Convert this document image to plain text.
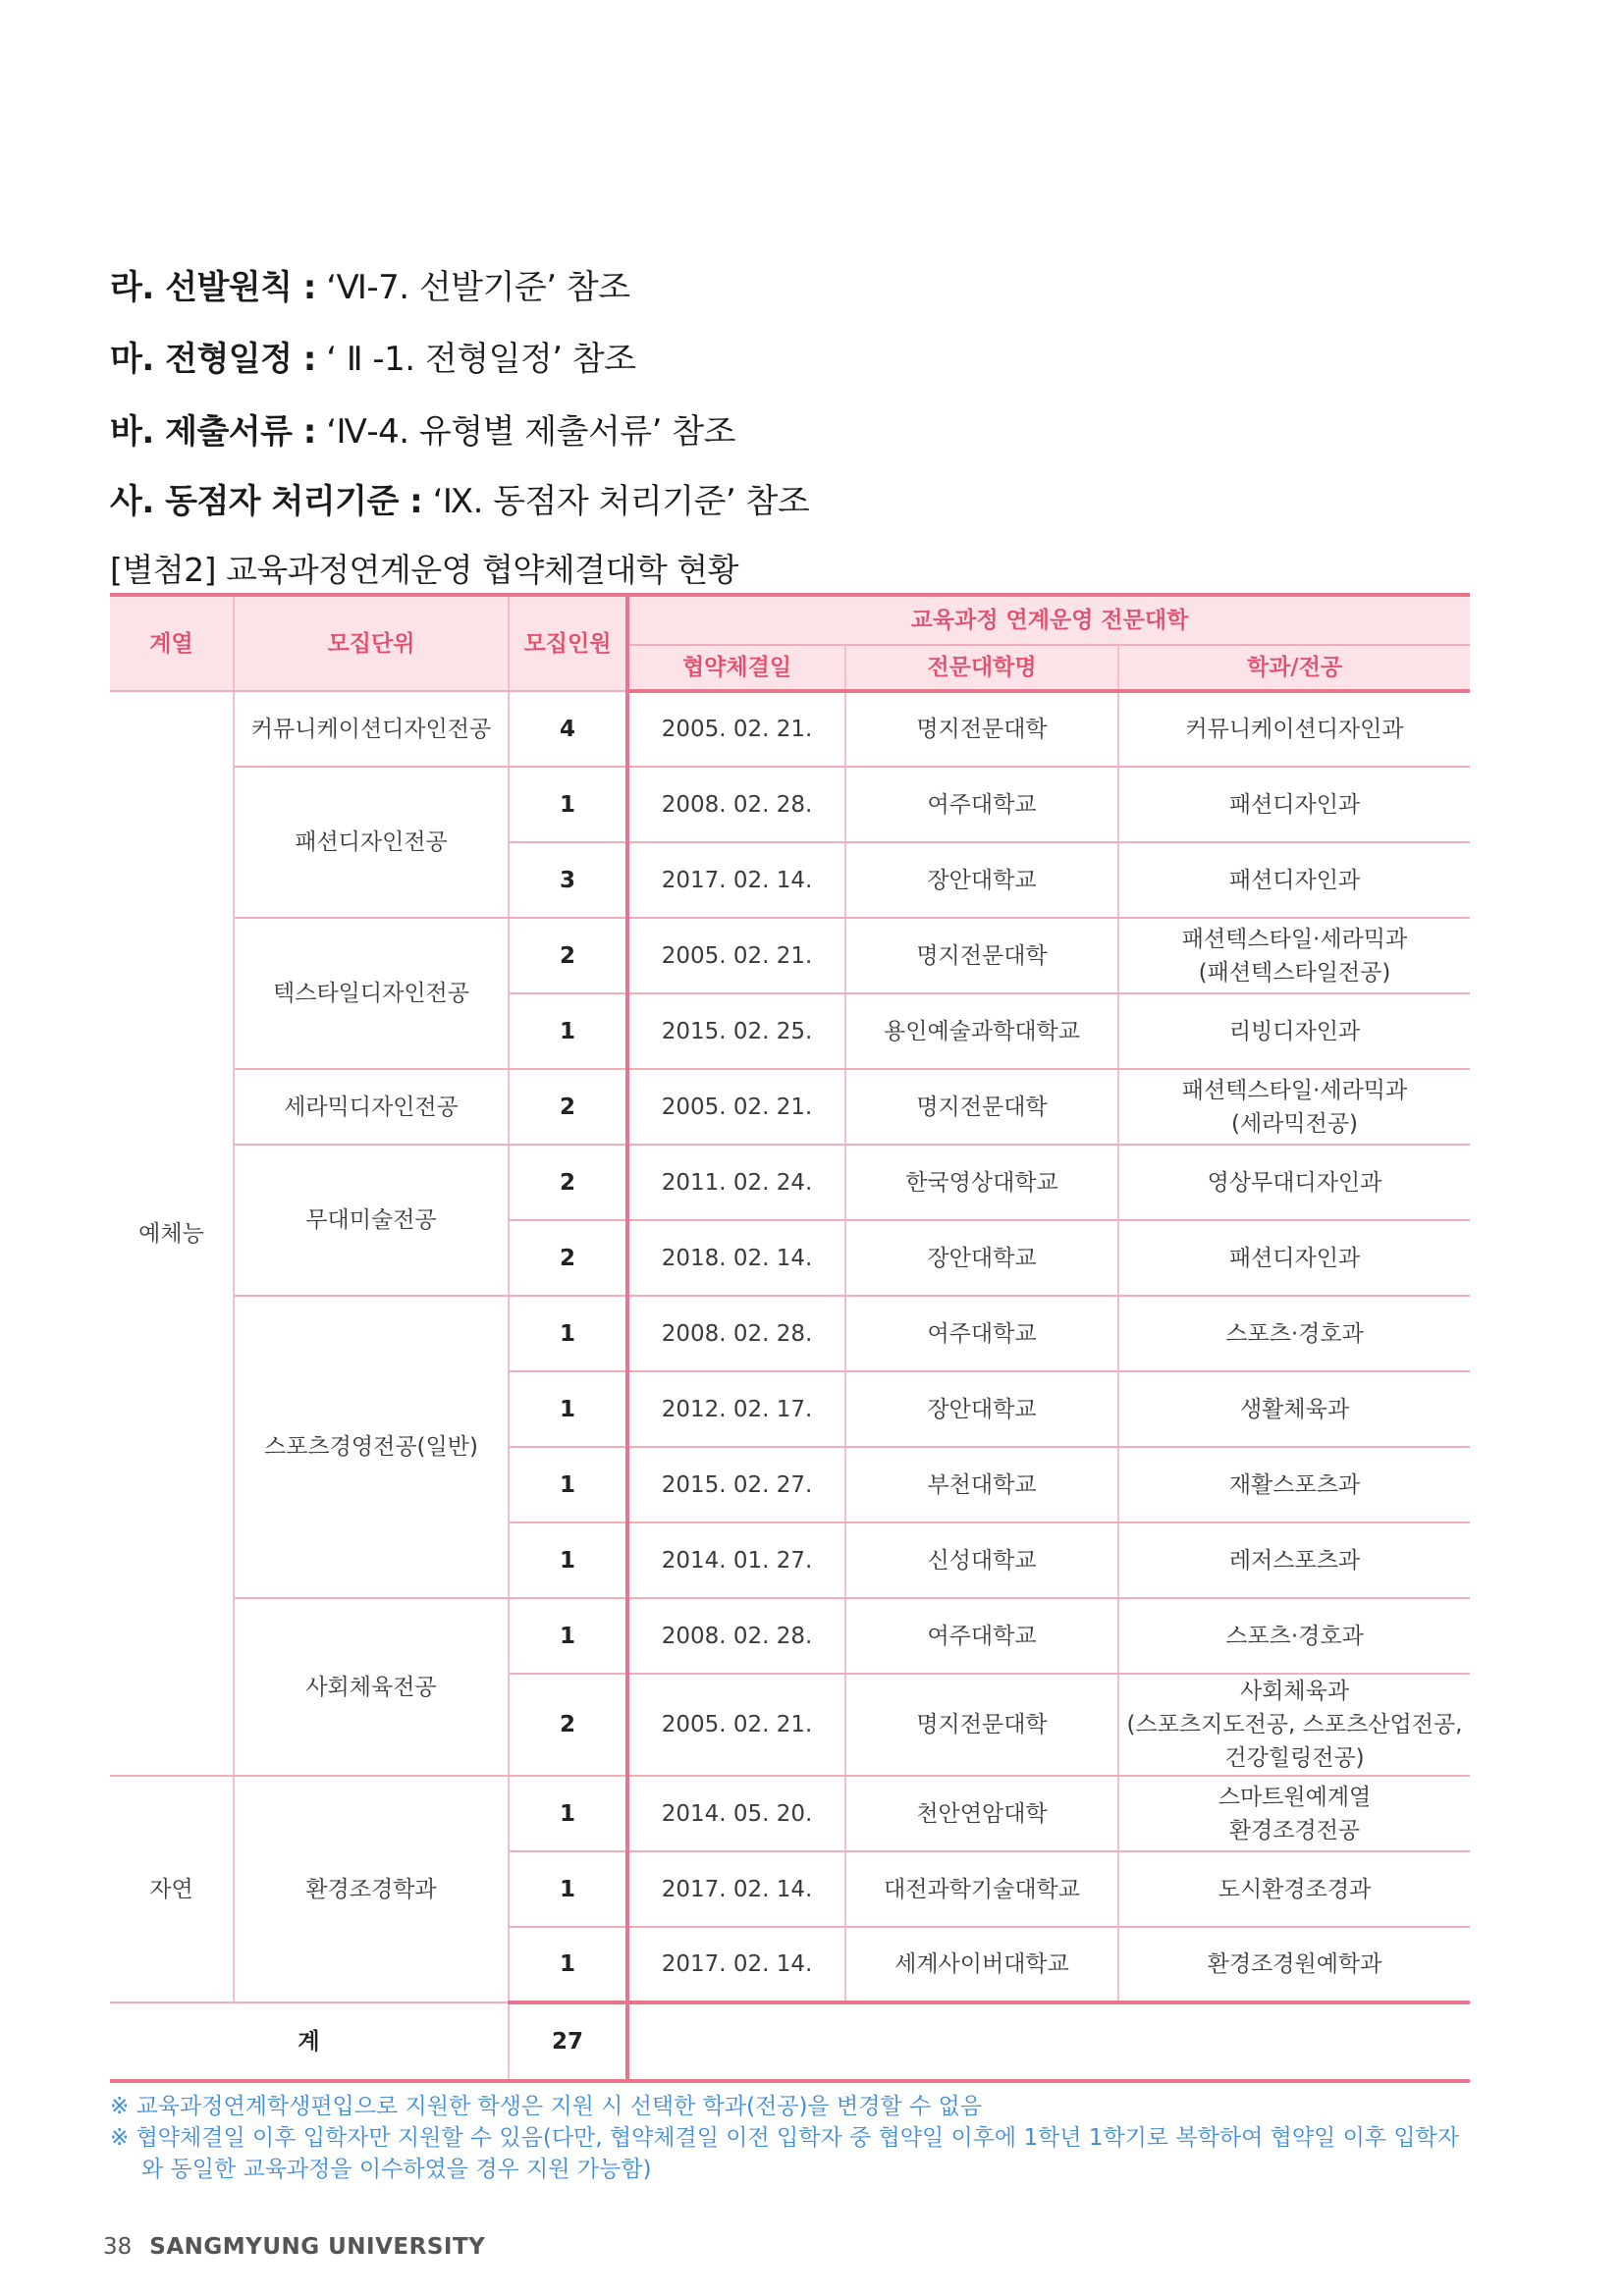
라. 선발원칙 : ‘Ⅵ-7. 선발기준’ 참조
마. 전형일정 : ‘ Ⅱ -1. 전형일정’ 참조
바. 제출서류 : ‘Ⅳ-4. 유형별 제출서류’ 참조
사. 동점자 처리기준 : ‘Ⅸ. 동점자 처리기준’ 참조
[별첨2] 교육과정연계운영 협약체결대학 현황
계열	모집단위	모집인원	교육과정 연계운영 전문대학		
			협약체결일	전문대학명	학과/전공
예체능	커뮤니케이션디자인전공	4	2005. 02. 21.	명지전문대학	커뮤니케이션디자인과
	패션디자인전공	1	2008. 02. 28.	여주대학교	패션디자인과
		3	2017. 02. 14.	장안대학교	패션디자인과
	텍스타일디자인전공	2	2005. 02. 21.	명지전문대학	패션텍스타일·세라믹과
(패션텍스타일전공)
		1	2015. 02. 25.	용인예술과학대학교	리빙디자인과
	세라믹디자인전공	2	2005. 02. 21.	명지전문대학	패션텍스타일·세라믹과
(세라믹전공)
	무대미술전공	2	2011. 02. 24.	한국영상대학교	영상무대디자인과
		2	2018. 02. 14.	장안대학교	패션디자인과
	스포츠경영전공(일반)	1	2008. 02. 28.	여주대학교	스포츠·경호과
		1	2012. 02. 17.	장안대학교	생활체육과
		1	2015. 02. 27.	부천대학교	재활스포츠과
		1	2014. 01. 27.	신성대학교	레저스포츠과
	사회체육전공	1	2008. 02. 28.	여주대학교	스포츠·경호과
		2	2005. 02. 21.	명지전문대학	사회체육과
(스포츠지도전공, 스포츠산업전공,
건강힐링전공)
자연	환경조경학과	1	2014. 05. 20.	천안연암대학	스마트원예계열
환경조경전공
		1	2017. 02. 14.	대전과학기술대학교	도시환경조경과
		1	2017. 02. 14.	세계사이버대학교	환경조경원예학과
계		27			
※ 교육과정연계학생편입으로 지원한 학생은 지원 시 선택한 학과(전공)을 변경할 수 없음
※ 협약체결일 이후 입학자만 지원할 수 있음(다만, 협약체결일 이전 입학자 중 협약일 이후에 1학년 1학기로 복학하여 협약일 이후 입학자와 동일한 교육과정을 이수하였을 경우 지원 가능함)
38 SANGMYUNG UNIVERSITY
